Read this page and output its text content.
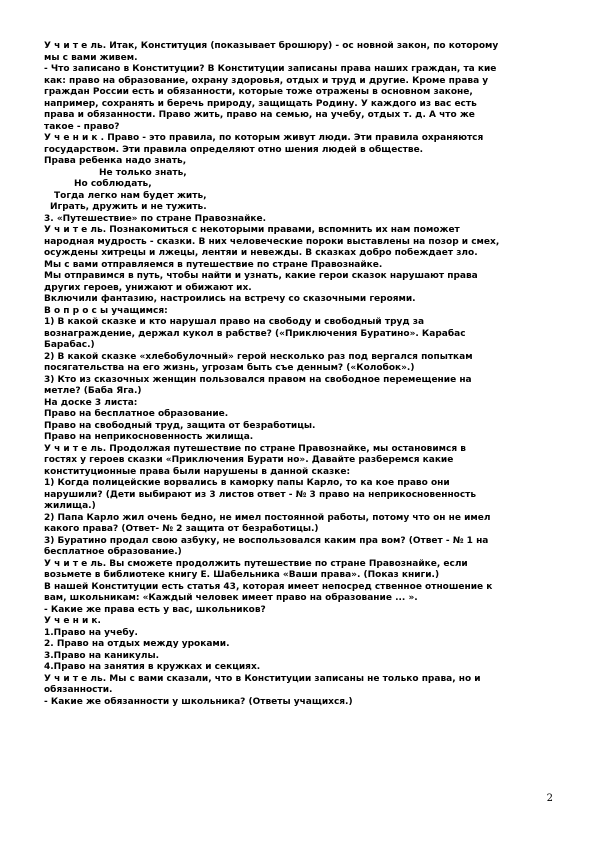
У ч и т е ль. Итак, Конституция (показывает брошюру) - ос новной закон, по которому
мы с вами живем.
- Что записано в Конституции? В Конституции записаны права наших граждан, та кие
как: право на образование, охрану здоровья, отдых и труд и другие. Кроме права у
граждан России есть и обязанности, которые тоже отражены в основном законе,
например, сохранять и беречь природу, защищать Родину. У каждого из вас есть
права и обязанности. Право жить, право на семью, на учебу, отдых т. д. А что же
такое - право?
У ч е н и к . Право - это правила, по которым живут люди. Эти правила охраняются
государством. Эти правила определяют отно шения людей в обществе.
Права ребенка надо знать,
Не только знать,
Но соблюдать,
Тогда легко нам будет жить,
Играть, дружить и не тужить.
3. «Путешествие» по стране Правознайке.
У ч и т е ль. Познакомиться с некоторыми правами, вспомнить их нам поможет
народная мудрость - сказки. В них человеческие пороки выставлены на позор и смех,
осуждены хитрецы и лжецы, лентяи и невежды. В сказках добро побеждает зло.
Мы с вами отправляемся в путешествие по стране Правознайке.
Мы отправимся в путь, чтобы найти и узнать, какие герои сказок нарушают права
других героев, унижают и обижают их.
Включили фантазию, настроились на встречу со сказочными героями.
В о п р о с ы учащимся:
1) В какой сказке и кто нарушал право на свободу и свободный труд за
вознаграждение, держал кукол в рабстве? («Приключения Буратино». Карабас
Барабас.)
2) В какой сказке «хлебобулочный» герой несколько раз под вергался попыткам
посягательства на его жизнь, угрозам быть съе денным? («Колобок».)
3) Кто из сказочных женщин пользовался правом на свободное перемещение на
метле? (Баба Яга.)
На доске 3 листа:
Право на бесплатное образование.
Право на свободный труд, защита от безработицы.
Право на неприкосновенность жилища.
У ч и т е ль. Продолжая путешествие по стране Правознайке, мы остановимся в
гостях у героев сказки «Приключения Бурати но». Давайте разберемся какие
конституционные права были нарушены в данной сказке:
1) Когда полицейские ворвались в каморку папы Карло, то ка кое право они
нарушили? (Дети выбирают из 3 листов ответ - № 3 право на неприкосновенность
жилища.)
2) Папа Карло жил очень бедно, не имел постоянной работы, потому что он не имел
какого права? (Ответ- № 2 защита от безработицы.)
3) Буратино продал свою азбуку, не воспользовался каким пра вом? (Ответ - № 1 на
бесплатное образование.)
У ч и т е ль. Вы сможете продолжить путешествие по стране Правознайке, если
возьмете в библиотеке книгу Е. Шабельника «Ваши права». (Показ книги.)
В нашей Конституции есть статья 43, которая имеет непосред ственное отношение к
вам, школьникам: «Каждый человек имеет право на образование ... ».
- Какие же права есть у вас, школьников?
У ч е н и к.
1.Право на учебу.
2. Право на отдых между уроками.
3.Право на каникулы.
4.Право на занятия в кружках и секциях.
У ч и т е ль. Мы с вами сказали, что в Конституции записаны не только права, но и
обязанности.
- Какие же обязанности у школьника? (Ответы учащихся.)
2
